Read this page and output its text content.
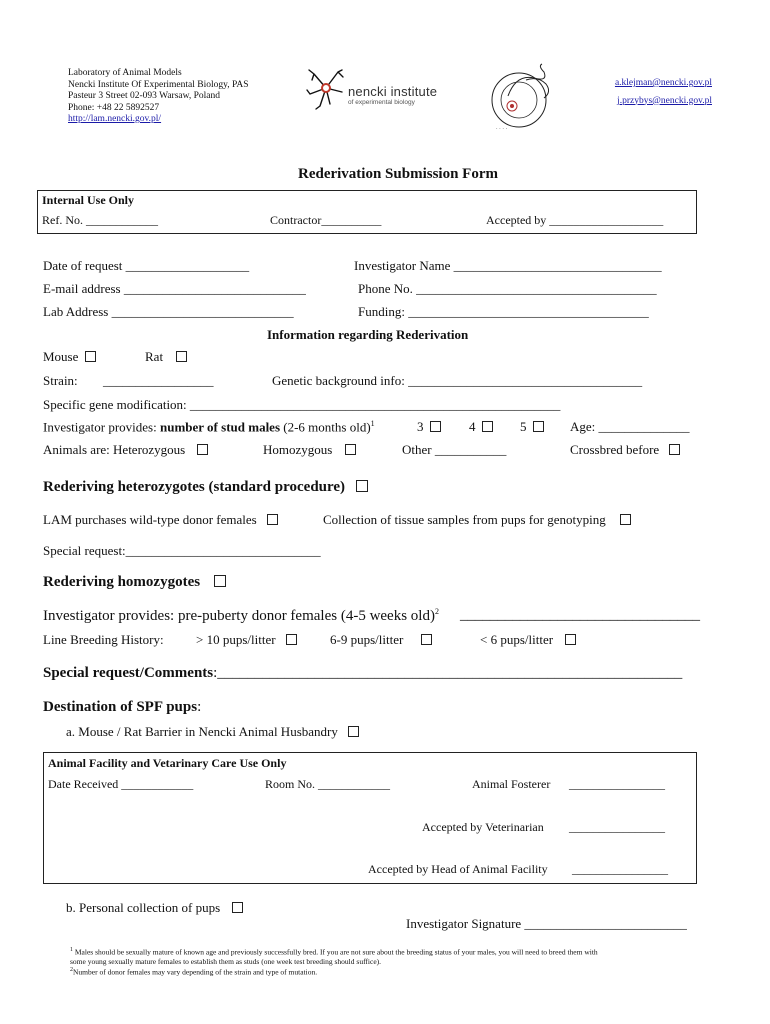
Laboratory of Animal Models
Nencki Institute Of Experimental Biology, PAS
Pasteur 3 Street 02-093 Warsaw, Poland
Phone: +48 22 5892527
http://lam.nencki.gov.pl/
nencki institute
of experimental biology
· · · ·
a.klejman@nencki.gov.pl
j.przybys@nencki.gov.pl
Rederivation Submission Form
Internal Use Only
Ref. No. ____________	Contractor__________	Accepted by ___________________
Date of request ___________________	Investigator Name ________________________________
E-mail address ____________________________	Phone No. _____________________________________
Lab Address ____________________________	Funding: _____________________________________
Information regarding Rederivation
Mouse	Rat
Strain: _________________	Genetic background info: ____________________________________
Specific gene modification: _________________________________________________________
Investigator provides: number of stud males (2-6 months old)$^1$	3	4	5	Age: ______________
Animals are: Heterozygous	Homozygous	Other ___________	Crossbred before
Rederiving heterozygotes (standard procedure)
LAM purchases wild-type donor females	Collection of tissue samples from pups for genotyping
Special request:______________________________
Rederiving homozygotes
Investigator provides: pre-puberty donor females (4-5 weeks old)$^2$ ________________________________
Line Breeding History: > 10 pups/litter	6-9 pups/litter	< 6 pups/litter
Special request/Comments:______________________________________________________________
Destination of SPF pups:
a. Mouse / Rat Barrier in Nencki Animal Husbandry
Animal Facility and Vetarinary Care Use Only
Date Received ____________	Room No. ____________	Animal Fosterer ________________
Accepted by Veterinarian ________________
Accepted by Head of Animal Facility ________________
b. Personal collection of pups
Investigator Signature _________________________
$^1$ Males should be sexually mature of known age and previously successfully bred. If you are not sure about the breeding status of your males, you will need to breed them with
some young sexually mature females to establish them as studs (one week test breeding should suffice).
$^2$Number of donor females may vary depending of the strain and type of mutation.
